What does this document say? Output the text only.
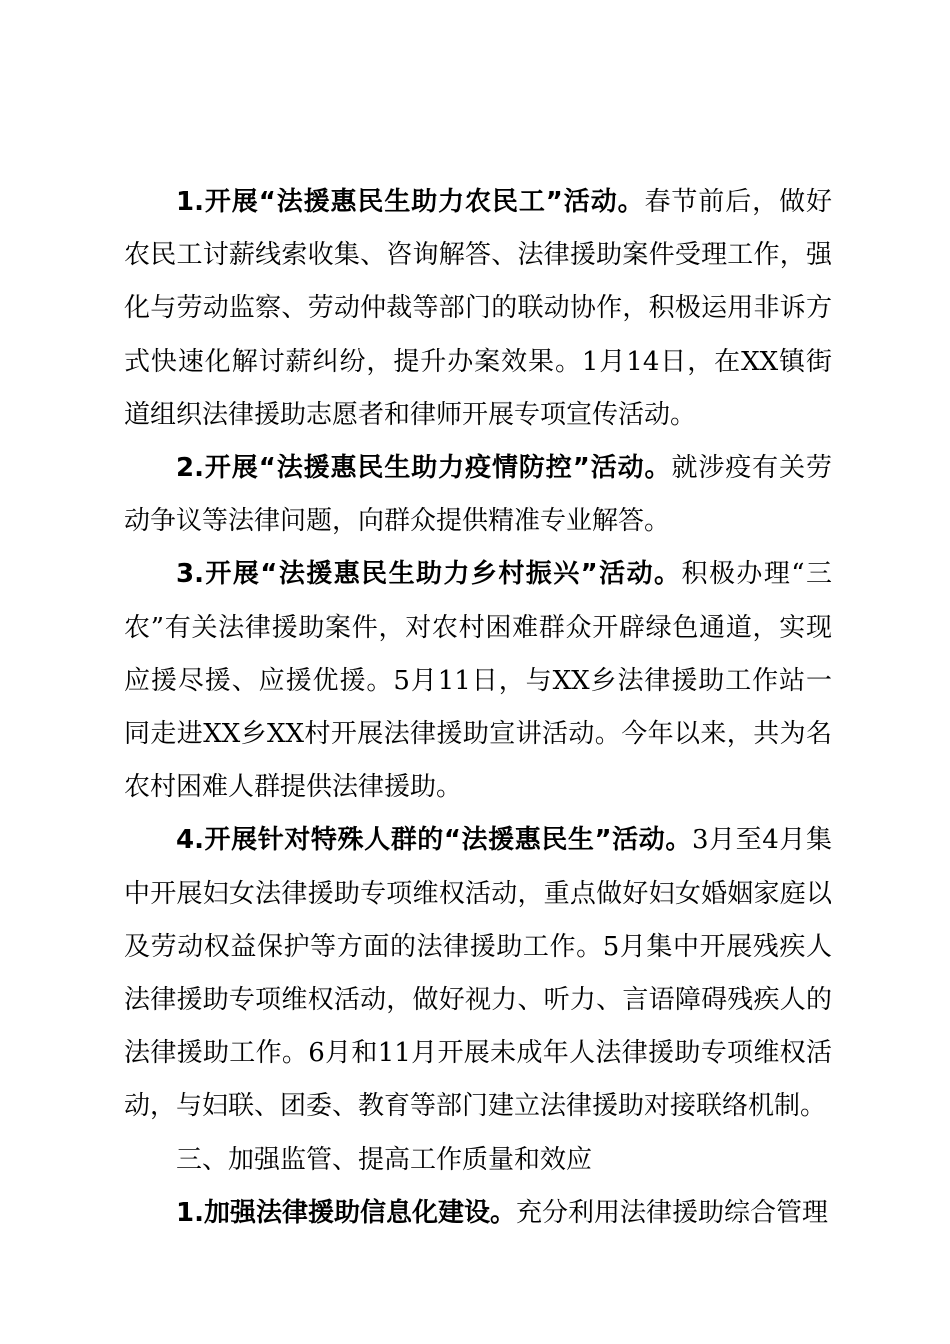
1.开展“法援惠民生助力农民工”活动。春节前后，做好农民工讨薪线索收集、咨询解答、法律援助案件受理工作，强化与劳动监察、劳动仲裁等部门的联动协作，积极运用非诉方式快速化解讨薪纠纷，提升办案效果。1月14日，在XX镇街道组织法律援助志愿者和律师开展专项宣传活动。

2.开展“法援惠民生助力疫情防控”活动。就涉疫有关劳动争议等法律问题，向群众提供精准专业解答。

3.开展“法援惠民生助力乡村振兴”活动。积极办理“三农”有关法律援助案件，对农村困难群众开辟绿色通道，实现应援尽援、应援优援。5月11日，与XX乡法律援助工作站一同走进XX乡XX村开展法律援助宣讲活动。今年以来，共为名农村困难人群提供法律援助。

4.开展针对特殊人群的“法援惠民生”活动。3月至4月集中开展妇女法律援助专项维权活动，重点做好妇女婚姻家庭以及劳动权益保护等方面的法律援助工作。5月集中开展残疾人法律援助专项维权活动，做好视力、听力、言语障碍残疾人的法律援助工作。6月和11月开展未成年人法律援助专项维权活动，与妇联、团委、教育等部门建立法律援助对接联络机制。

三、加强监管、提高工作质量和效应

1.加强法律援助信息化建设。充分利用法律援助综合管理
